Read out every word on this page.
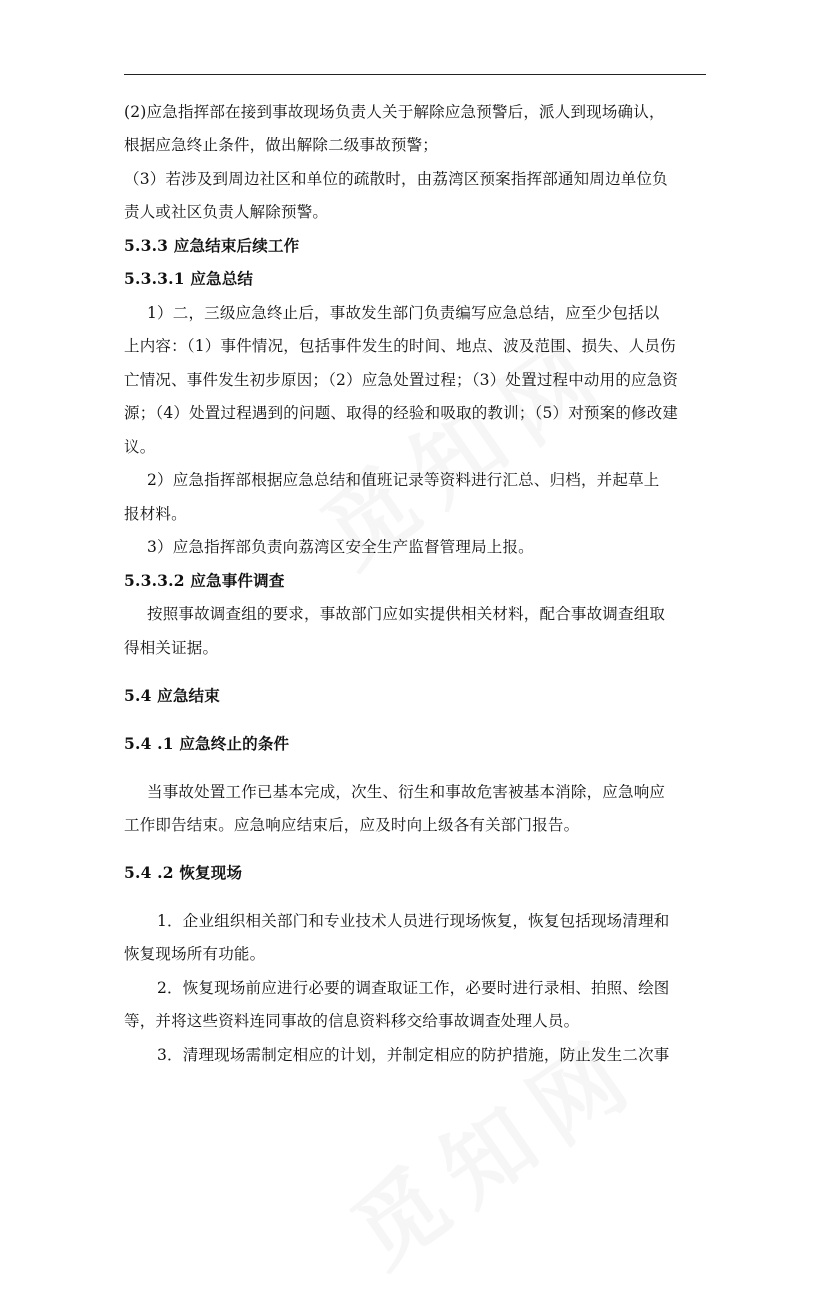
(2)应急指挥部在接到事故现场负责人关于解除应急预警后，派人到现场确认，
根据应急终止条件，做出解除二级事故预警；
（3）若涉及到周边社区和单位的疏散时，由荔湾区预案指挥部通知周边单位负
责人或社区负责人解除预警。
5.3.3 应急结束后续工作
5.3.3.1 应急总结
1）二，三级应急终止后，事故发生部门负责编写应急总结，应至少包括以
上内容：（1）事件情况，包括事件发生的时间、地点、波及范围、损失、人员伤
亡情况、事件发生初步原因；（2）应急处置过程；（3）处置过程中动用的应急资
源；（4）处置过程遇到的问题、取得的经验和吸取的教训；（5）对预案的修改建
议。
2）应急指挥部根据应急总结和值班记录等资料进行汇总、归档，并起草上
报材料。
3）应急指挥部负责向荔湾区安全生产监督管理局上报。
5.3.3.2 应急事件调查
按照事故调查组的要求，事故部门应如实提供相关材料，配合事故调查组取
得相关证据。
5.4 应急结束
5.4 .1 应急终止的条件
当事故处置工作已基本完成，次生、衍生和事故危害被基本消除，应急响应
工作即告结束。应急响应结束后，应及时向上级各有关部门报告。
5.4 .2 恢复现场
1．企业组织相关部门和专业技术人员进行现场恢复，恢复包括现场清理和
恢复现场所有功能。
2．恢复现场前应进行必要的调查取证工作，必要时进行录相、拍照、绘图
等，并将这些资料连同事故的信息资料移交给事故调查处理人员。
3．清理现场需制定相应的计划，并制定相应的防护措施，防止发生二次事
